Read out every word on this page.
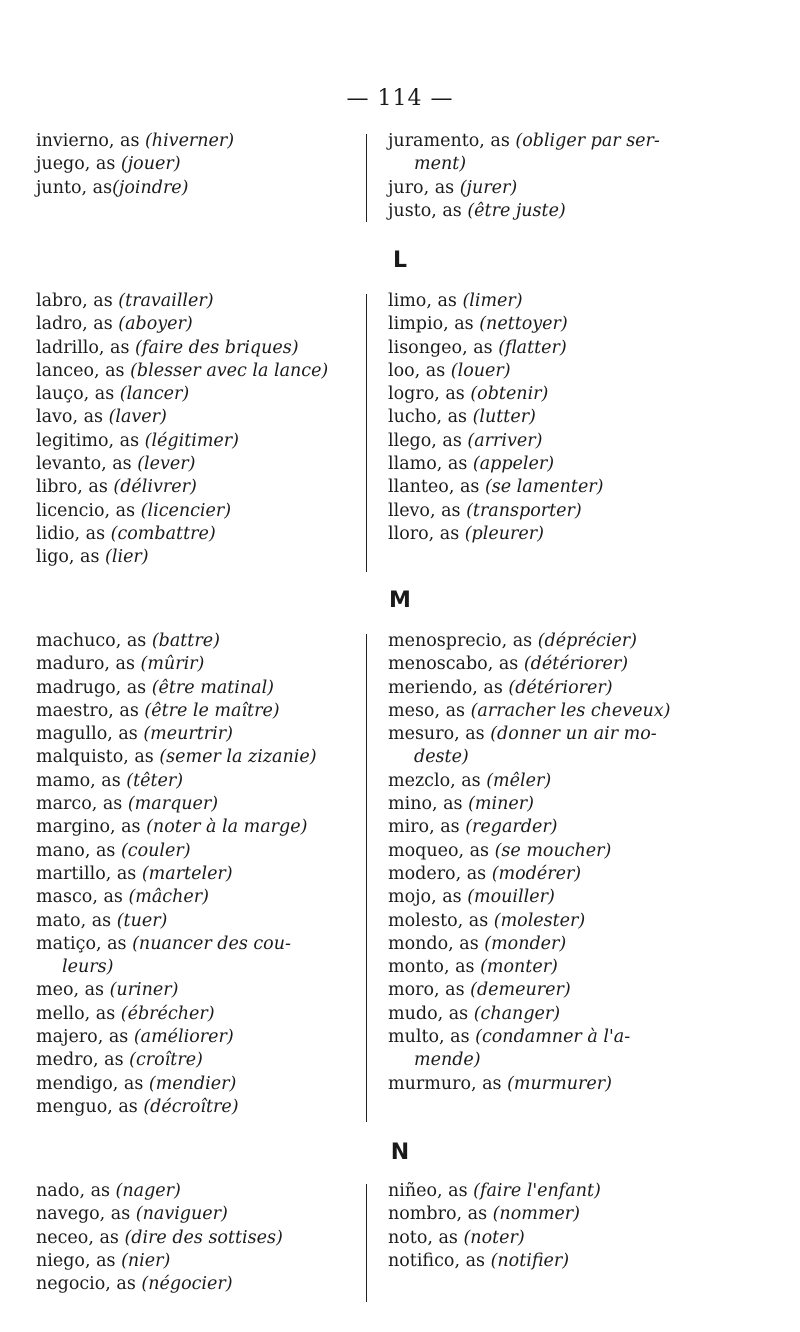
— 114 —
invierno, as (hiverner)
juego, as (jouer)
junto, as(joindre)
juramento, as (obliger par ser-
ment)
juro, as (jurer)
justo, as (être juste)
L
labro, as (travailler)
ladro, as (aboyer)
ladrillo, as (faire des briques)
lanceo, as (blesser avec la lance)
lauço, as (lancer)
lavo, as (laver)
legitimo, as (légitimer)
levanto, as (lever)
libro, as (délivrer)
licencio, as (licencier)
lidio, as (combattre)
ligo, as (lier)
limo, as (limer)
limpio, as (nettoyer)
lisongeo, as (flatter)
loo, as (louer)
logro, as (obtenir)
lucho, as (lutter)
llego, as (arriver)
llamo, as (appeler)
llanteo, as (se lamenter)
llevo, as (transporter)
lloro, as (pleurer)
M
machuco, as (battre)
maduro, as (mûrir)
madrugo, as (être matinal)
maestro, as (être le maître)
magullo, as (meurtrir)
malquisto, as (semer la zizanie)
mamo, as (têter)
marco, as (marquer)
margino, as (noter à la marge)
mano, as (couler)
martillo, as (marteler)
masco, as (mâcher)
mato, as (tuer)
matiço, as (nuancer des cou-
leurs)
meo, as (uriner)
mello, as (ébrécher)
majero, as (améliorer)
medro, as (croître)
mendigo, as (mendier)
menguo, as (décroître)
menosprecio, as (déprécier)
menoscabo, as (détériorer)
meriendo, as (détériorer)
meso, as (arracher les cheveux)
mesuro, as (donner un air mo-
deste)
mezclo, as (mêler)
mino, as (miner)
miro, as (regarder)
moqueo, as (se moucher)
modero, as (modérer)
mojo, as (mouiller)
molesto, as (molester)
mondo, as (monder)
monto, as (monter)
moro, as (demeurer)
mudo, as (changer)
multo, as (condamner à l'a-
mende)
murmuro, as (murmurer)
N
nado, as (nager)
navego, as (naviguer)
neceo, as (dire des sottises)
niego, as (nier)
negocio, as (négocier)
niñeo, as (faire l'enfant)
nombro, as (nommer)
noto, as (noter)
notifico, as (notifier)
